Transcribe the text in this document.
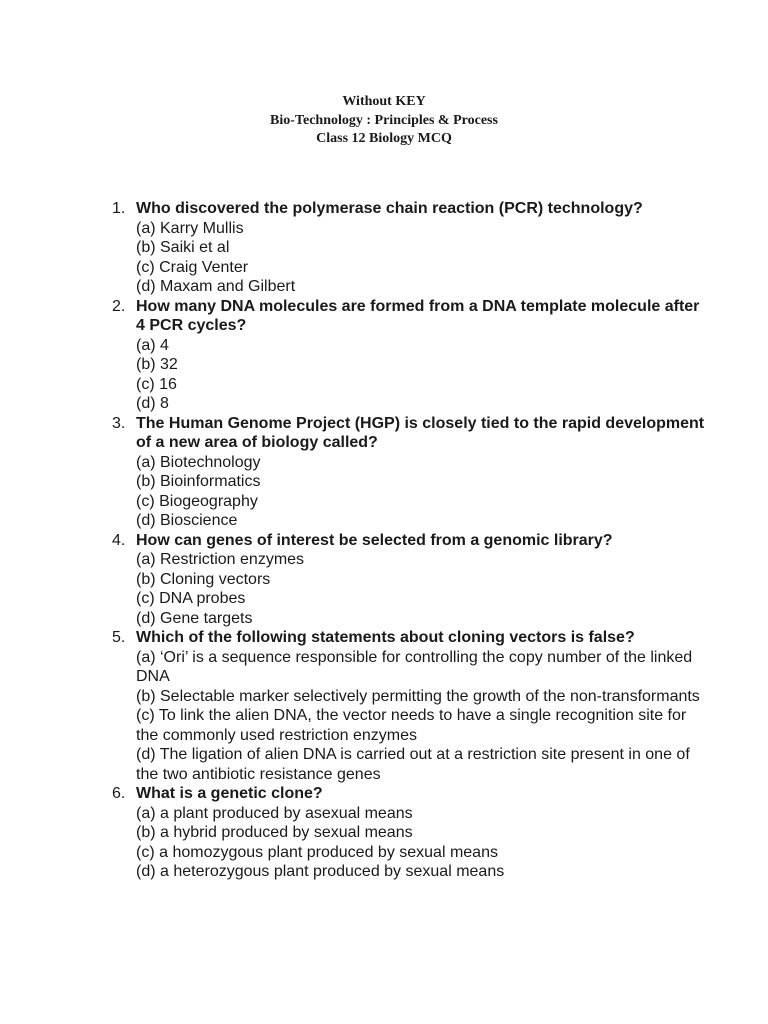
Without KEY
Bio-Technology : Principles & Process
Class 12 Biology MCQ
1. Who discovered the polymerase chain reaction (PCR) technology?
(a) Karry Mullis
(b) Saiki et al
(c) Craig Venter
(d) Maxam and Gilbert
2. How many DNA molecules are formed from a DNA template molecule after 4 PCR cycles?
(a) 4
(b) 32
(c) 16
(d) 8
3. The Human Genome Project (HGP) is closely tied to the rapid development of a new area of biology called?
(a) Biotechnology
(b) Bioinformatics
(c) Biogeography
(d) Bioscience
4. How can genes of interest be selected from a genomic library?
(a) Restriction enzymes
(b) Cloning vectors
(c) DNA probes
(d) Gene targets
5. Which of the following statements about cloning vectors is false?
(a) ‘Ori’ is a sequence responsible for controlling the copy number of the linked DNA
(b) Selectable marker selectively permitting the growth of the non-transformants
(c) To link the alien DNA, the vector needs to have a single recognition site for the commonly used restriction enzymes
(d) The ligation of alien DNA is carried out at a restriction site present in one of the two antibiotic resistance genes
6. What is a genetic clone?
(a) a plant produced by asexual means
(b) a hybrid produced by sexual means
(c) a homozygous plant produced by sexual means
(d) a heterozygous plant produced by sexual means
